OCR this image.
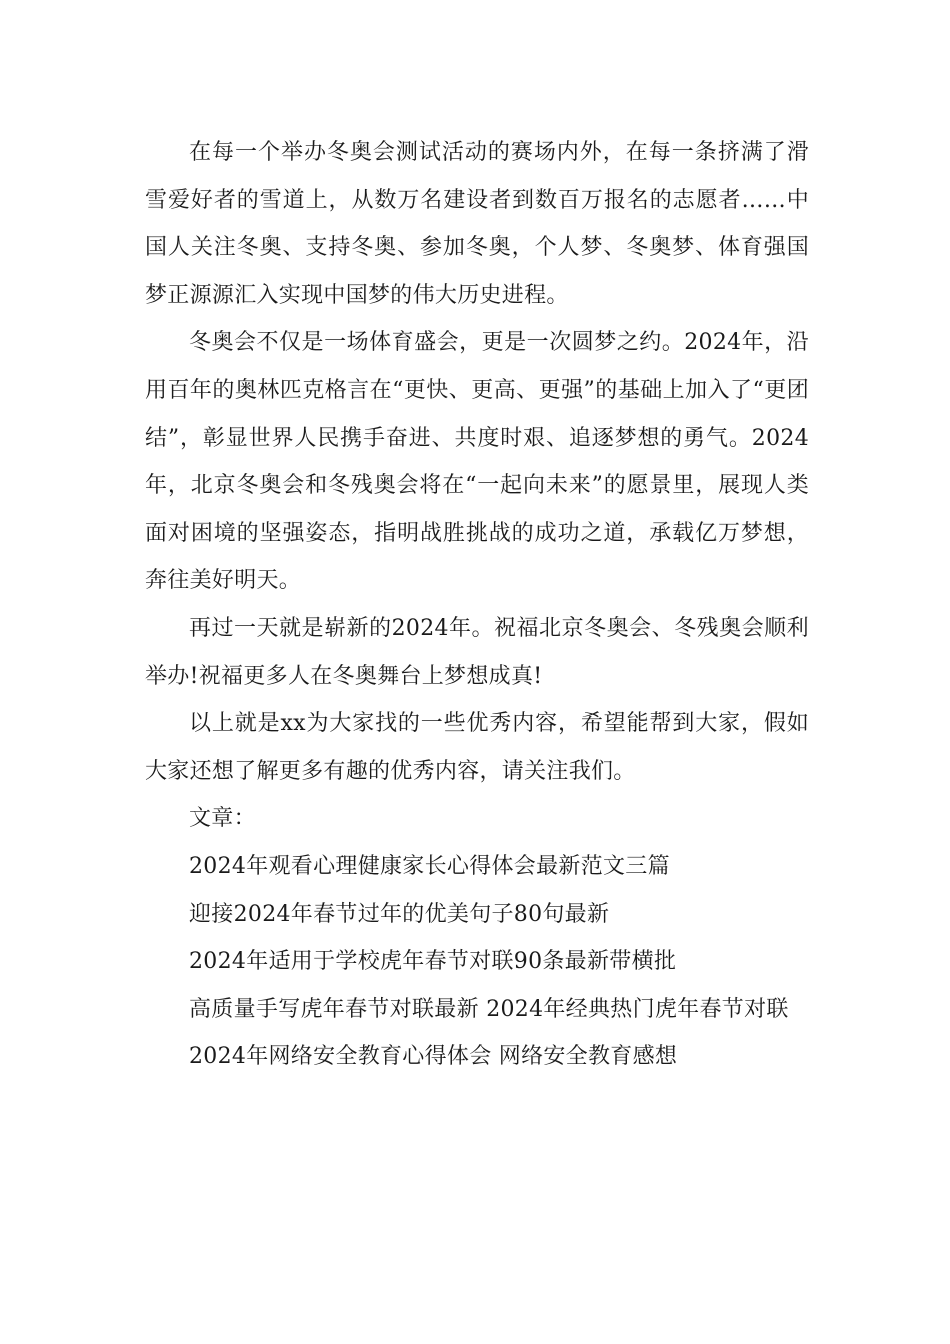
在每一个举办冬奥会测试活动的赛场内外，在每一条挤满了滑雪爱好者的雪道上，从数万名建设者到数百万报名的志愿者……中国人关注冬奥、支持冬奥、参加冬奥，个人梦、冬奥梦、体育强国梦正源源汇入实现中国梦的伟大历史进程。

冬奥会不仅是一场体育盛会，更是一次圆梦之约。2024年，沿用百年的奥林匹克格言在“更快、更高、更强”的基础上加入了“更团结”，彰显世界人民携手奋进、共度时艰、追逐梦想的勇气。2024年，北京冬奥会和冬残奥会将在“一起向未来”的愿景里，展现人类面对困境的坚强姿态，指明战胜挑战的成功之道，承载亿万梦想，奔往美好明天。

再过一天就是崭新的2024年。祝福北京冬奥会、冬残奥会顺利举办!祝福更多人在冬奥舞台上梦想成真!

以上就是xx为大家找的一些优秀内容，希望能帮到大家，假如大家还想了解更多有趣的优秀内容，请关注我们。

文章：

2024年观看心理健康家长心得体会最新范文三篇
迎接2024年春节过年的优美句子80句最新
2024年适用于学校虎年春节对联90条最新带横批
高质量手写虎年春节对联最新 2024年经典热门虎年春节对联
2024年网络安全教育心得体会 网络安全教育感想
